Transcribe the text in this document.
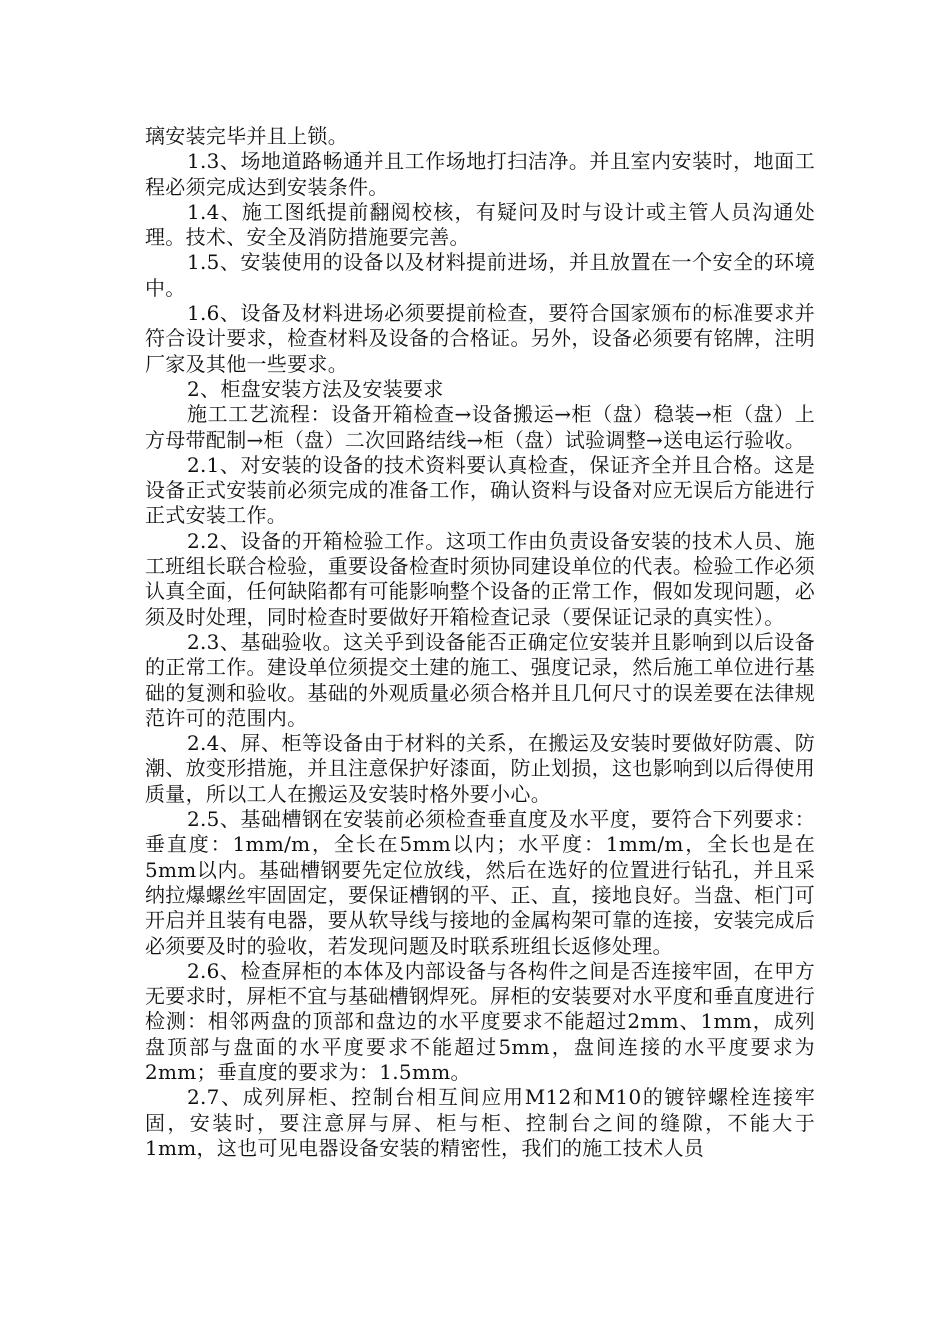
璃安装完毕并且上锁。

1.3、场地道路畅通并且工作场地打扫洁净。并且室内安装时，地面工程必须完成达到安装条件。

1.4、施工图纸提前翻阅校核，有疑问及时与设计或主管人员沟通处理。技术、安全及消防措施要完善。

1.5、安装使用的设备以及材料提前进场，并且放置在一个安全的环境中。

1.6、设备及材料进场必须要提前检查，要符合国家颁布的标准要求并符合设计要求，检查材料及设备的合格证。另外，设备必须要有铭牌，注明厂家及其他一些要求。

2、柜盘安装方法及安装要求

施工工艺流程：设备开箱检查→设备搬运→柜（盘）稳装→柜（盘）上方母带配制→柜（盘）二次回路结线→柜（盘）试验调整→送电运行验收。

2.1、对安装的设备的技术资料要认真检查，保证齐全并且合格。这是设备正式安装前必须完成的准备工作，确认资料与设备对应无误后方能进行正式安装工作。

2.2、设备的开箱检验工作。这项工作由负责设备安装的技术人员、施工班组长联合检验，重要设备检查时须协同建设单位的代表。检验工作必须认真全面，任何缺陷都有可能影响整个设备的正常工作，假如发现问题，必须及时处理，同时检查时要做好开箱检查记录（要保证记录的真实性）。

2.3、基础验收。这关乎到设备能否正确定位安装并且影响到以后设备的正常工作。建设单位须提交土建的施工、强度记录，然后施工单位进行基础的复测和验收。基础的外观质量必须合格并且几何尺寸的误差要在法律规范许可的范围内。

2.4、屏、柜等设备由于材料的关系，在搬运及安装时要做好防震、防潮、放变形措施，并且注意保护好漆面，防止划损，这也影响到以后得使用质量，所以工人在搬运及安装时格外要小心。

2.5、基础槽钢在安装前必须检查垂直度及水平度，要符合下列要求：垂直度：1mm/m，全长在5mm以内；水平度：1mm/m，全长也是在5mm以内。基础槽钢要先定位放线，然后在选好的位置进行钻孔，并且采纳拉爆螺丝牢固固定，要保证槽钢的平、正、直，接地良好。当盘、柜门可开启并且装有电器，要从软导线与接地的金属构架可靠的连接，安装完成后必须要及时的验收，若发现问题及时联系班组长返修处理。

2.6、检查屏柜的本体及内部设备与各构件之间是否连接牢固，在甲方无要求时，屏柜不宜与基础槽钢焊死。屏柜的安装要对水平度和垂直度进行检测：相邻两盘的顶部和盘边的水平度要求不能超过2mm、1mm，成列盘顶部与盘面的水平度要求不能超过5mm，盘间连接的水平度要求为2mm；垂直度的要求为：1.5mm。

2.7、成列屏柜、控制台相互间应用M12和M10的镀锌螺栓连接牢固，安装时，要注意屏与屏、柜与柜、控制台之间的缝隙，不能大于1mm，这也可见电器设备安装的精密性，我们的施工技术人员
